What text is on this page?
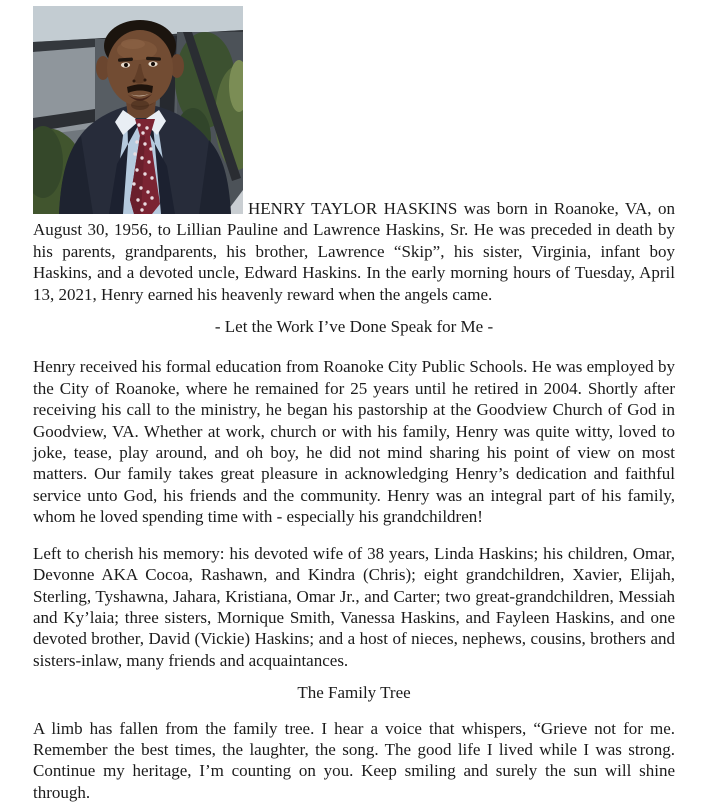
HENRY TAYLOR HASKINS was born in Roanoke, VA, on August 30, 1956, to Lillian Pauline and Lawrence Haskins, Sr. He was preceded in death by his parents, grandparents, his brother, Lawrence “Skip”, his sister, Virginia, infant boy Haskins, and a devoted uncle, Edward Haskins. In the early morning hours of Tuesday, April 13, 2021, Henry earned his heavenly reward when the angels came.

- Let the Work I’ve Done Speak for Me -

Henry received his formal education from Roanoke City Public Schools. He was employed by the City of Roanoke, where he remained for 25 years until he retired in 2004. Shortly after receiving his call to the ministry, he began his pastorship at the Goodview Church of God in Goodview, VA. Whether at work, church or with his family, Henry was quite witty, loved to joke, tease, play around, and oh boy, he did not mind sharing his point of view on most matters. Our family takes great pleasure in acknowledging Henry’s dedication and faithful service unto God, his friends and the community. Henry was an integral part of his family, whom he loved spending time with - especially his grandchildren!

Left to cherish his memory: his devoted wife of 38 years, Linda Haskins; his children, Omar, Devonne AKA Cocoa, Rashawn, and Kindra (Chris); eight grandchildren, Xavier, Elijah, Sterling, Tyshawna, Jahara, Kristiana, Omar Jr., and Carter; two great-grandchildren, Messiah and Ky’laia; three sisters, Mornique Smith, Vanessa Haskins, and Fayleen Haskins, and one devoted brother, David (Vickie) Haskins; and a host of nieces, nephews, cousins, brothers and sisters-inlaw, many friends and acquaintances.

The Family Tree

A limb has fallen from the family tree. I hear a voice that whispers, “Grieve not for me. Remember the best times, the laughter, the song. The good life I lived while I was strong. Continue my heritage, I’m counting on you. Keep smiling and surely the sun will shine through.
